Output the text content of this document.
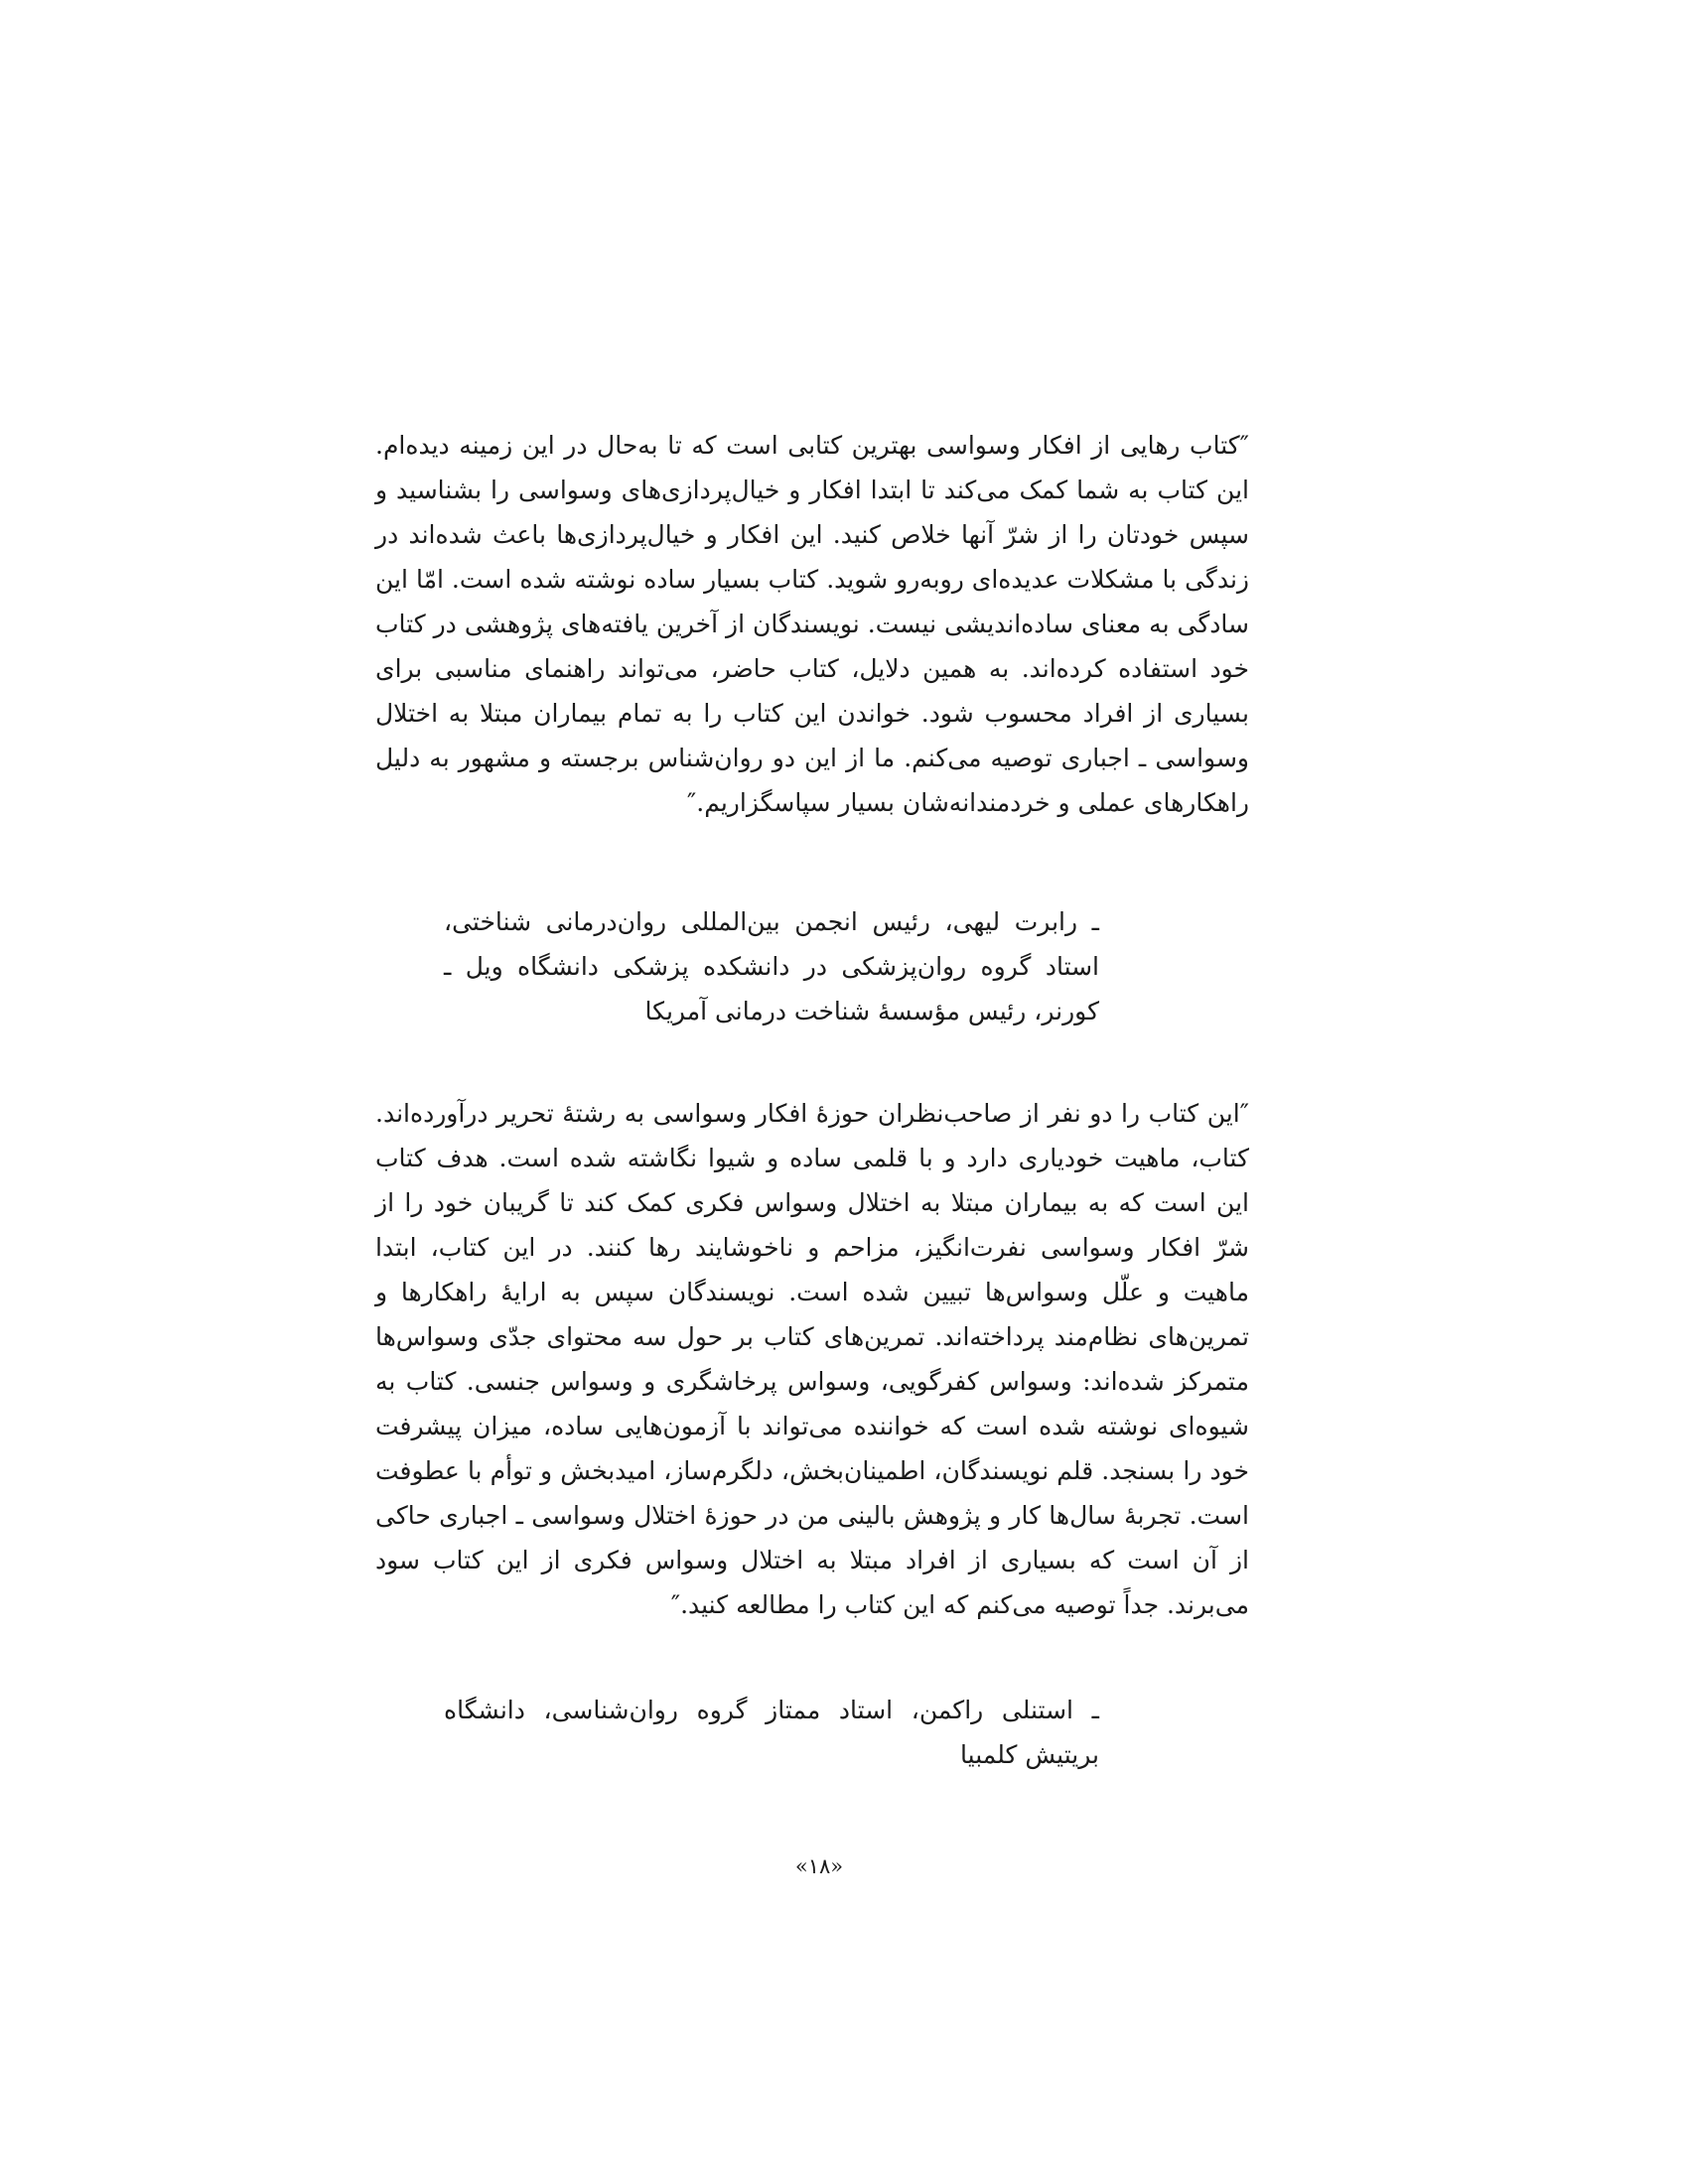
″کتاب رهایی از افکار وسواسی بهترین کتابی است که تا به‌حال در این زمینه دیده‌ام. این کتاب به شما کمک می‌کند تا ابتدا افکار و خیال‌پردازی‌های وسواسی را بشناسید و سپس خودتان را از شرّ آنها خلاص کنید. این افکار و خیال‌پردازی‌ها باعث شده‌اند در زندگی با مشکلات عدیده‌ای روبه‌رو شوید. کتاب بسیار ساده نوشته شده است. امّا این سادگی به معنای ساده‌اندیشی نیست. نویسندگان از آخرین یافته‌های پژوهشی در کتاب خود استفاده کرده‌اند. به همین دلایل، کتاب حاضر، می‌تواند راهنمای مناسبی برای بسیاری از افراد محسوب شود. خواندن این کتاب را به تمام بیماران مبتلا به اختلال وسواسی ـ اجباری توصیه می‌کنم. ما از این دو روان‌شناس برجسته و مشهور به دلیل راهکارهای عملی و خردمندانه‌شان بسیار سپاسگزاریم.″

ـ رابرت لیهی، رئیس انجمن بین‌المللی روان‌درمانی شناختی، استاد گروه روان‌پزشکی در دانشکده پزشکی دانشگاه ویل ـ کورنر، رئیس مؤسسهٔ شناخت درمانی آمریکا

″این کتاب را دو نفر از صاحب‌نظران حوزهٔ افکار وسواسی به رشتهٔ تحریر درآورده‌اند. کتاب، ماهیت خودیاری دارد و با قلمی ساده و شیوا نگاشته شده است. هدف کتاب این است که به بیماران مبتلا به اختلال وسواس فکری کمک کند تا گریبان خود را از شرّ افکار وسواسی نفرت‌انگیز، مزاحم و ناخوشایند رها کنند. در این کتاب، ابتدا ماهیت و علّل وسواس‌ها تبیین شده است. نویسندگان سپس به ارایهٔ راهکارها و تمرین‌های نظام‌مند پرداخته‌اند. تمرین‌های کتاب بر حول سه محتوای جدّی وسواس‌ها متمرکز شده‌اند: وسواس کفرگویی، وسواس پرخاشگری و وسواس جنسی. کتاب به شیوه‌ای نوشته شده است که خواننده می‌تواند با آزمون‌هایی ساده، میزان پیشرفت خود را بسنجد. قلم نویسندگان، اطمینان‌بخش، دلگرم‌ساز، امیدبخش و توأم با عطوفت است. تجربهٔ سال‌ها کار و پژوهش بالینی من در حوزهٔ اختلال وسواسی ـ اجباری حاکی از آن است که بسیاری از افراد مبتلا به اختلال وسواس فکری از این کتاب سود می‌برند. جداً توصیه می‌کنم که این کتاب را مطالعه کنید.″

ـ استنلی راکمن، استاد ممتاز گروه روان‌شناسی، دانشگاه بریتیش کلمبیا

«۱۸»
